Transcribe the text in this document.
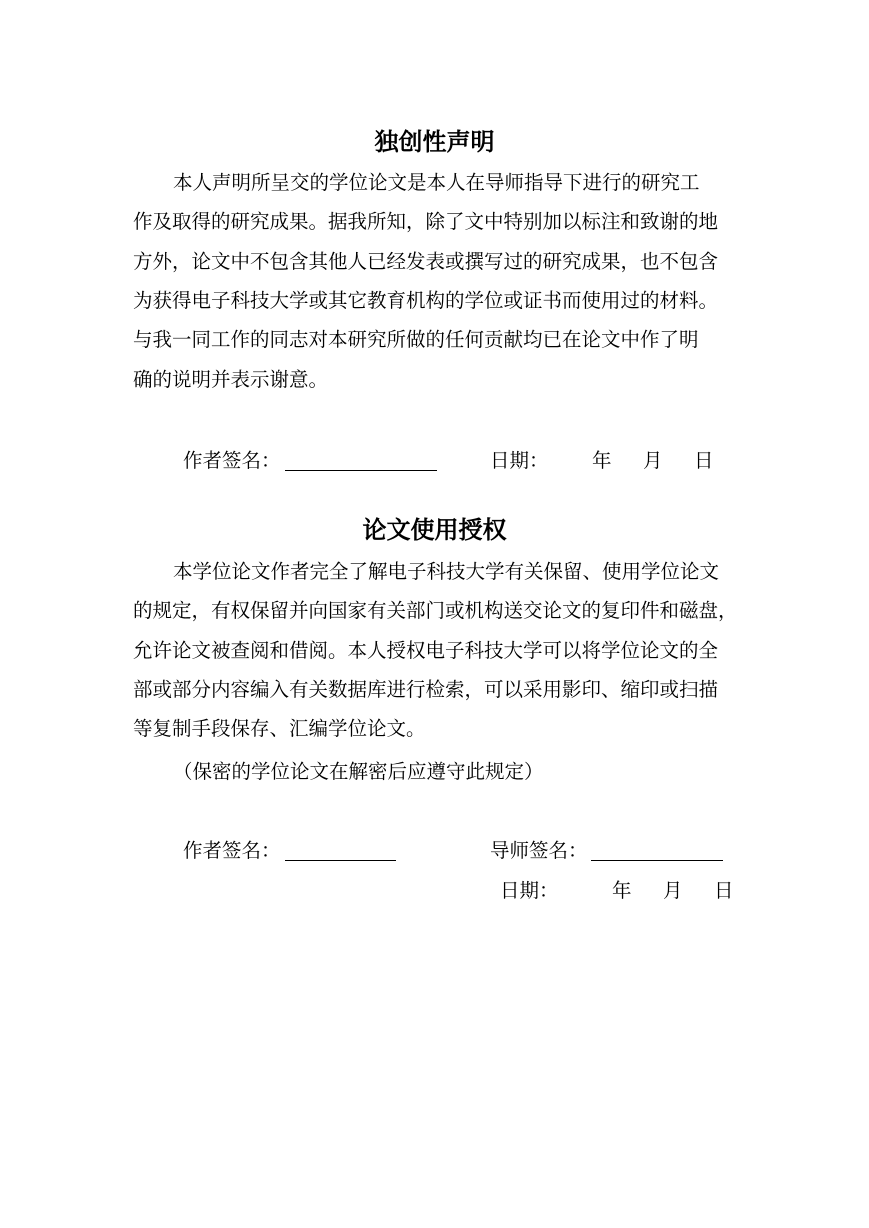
独创性声明

本人声明所呈交的学位论文是本人在导师指导下进行的研究工

作及取得的研究成果。据我所知，除了文中特别加以标注和致谢的地

方外，论文中不包含其他人已经发表或撰写过的研究成果，也不包含

为获得电子科技大学或其它教育机构的学位或证书而使用过的材料。

与我一同工作的同志对本研究所做的任何贡献均已在论文中作了明

确的说明并表示谢意。

作者签名：	日期： 年 月 日
论文使用授权

本学位论文作者完全了解电子科技大学有关保留、使用学位论文

的规定，有权保留并向国家有关部门或机构送交论文的复印件和磁盘，

允许论文被查阅和借阅。本人授权电子科技大学可以将学位论文的全

部或部分内容编入有关数据库进行检索，可以采用影印、缩印或扫描

等复制手段保存、汇编学位论文。

（保密的学位论文在解密后应遵守此规定）

作者签名：	导师签名：
日期：	年 月 日
